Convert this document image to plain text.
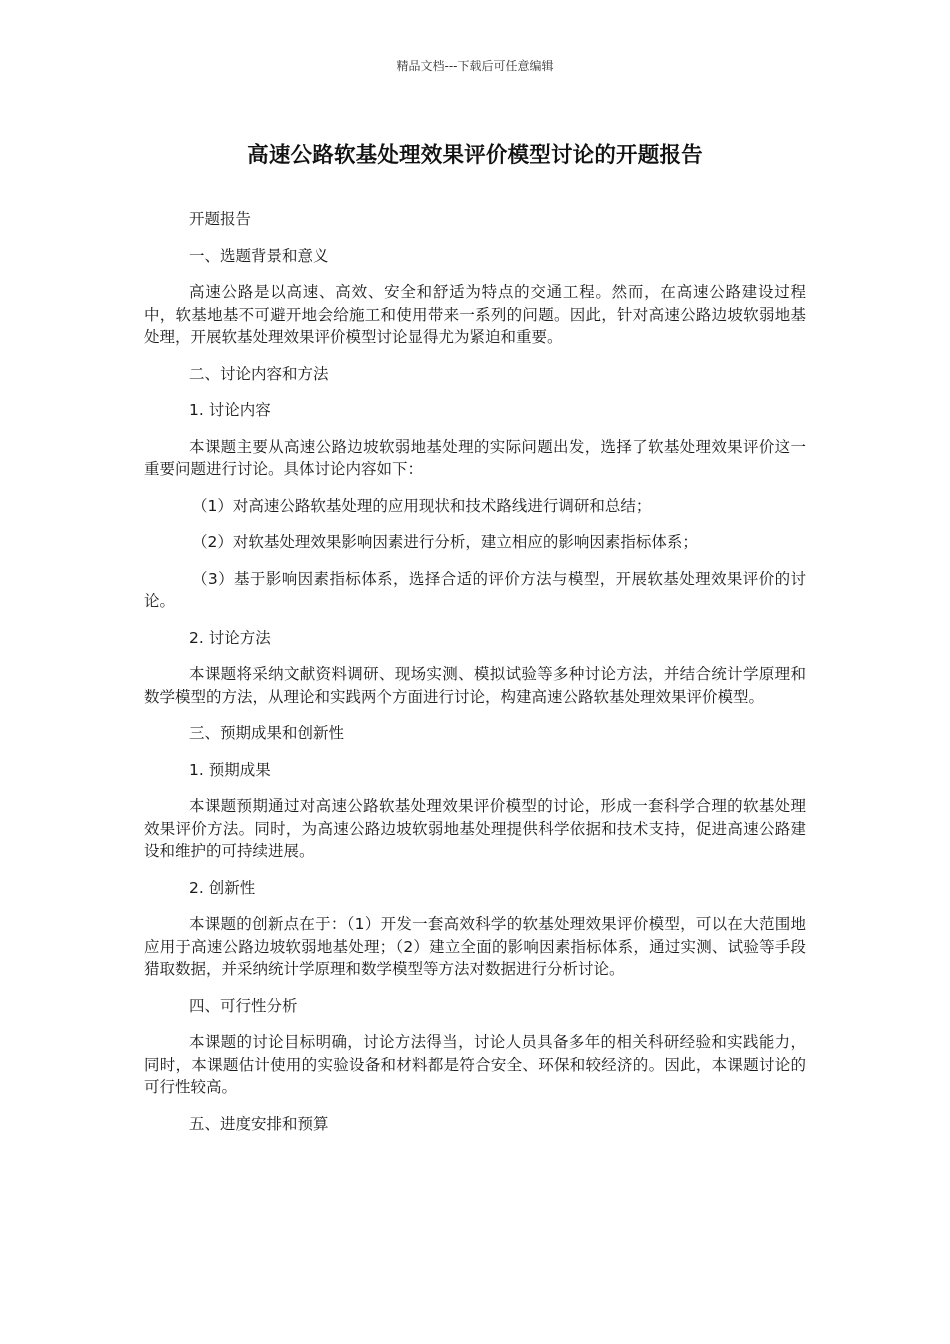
精品文档---下载后可任意编辑
高速公路软基处理效果评价模型讨论的开题报告

开题报告

一、选题背景和意义

高速公路是以高速、高效、安全和舒适为特点的交通工程。然而，在高速公路建设过程中，软基地基不可避开地会给施工和使用带来一系列的问题。因此，针对高速公路边坡软弱地基处理，开展软基处理效果评价模型讨论显得尤为紧迫和重要。

二、讨论内容和方法

1. 讨论内容

本课题主要从高速公路边坡软弱地基处理的实际问题出发，选择了软基处理效果评价这一重要问题进行讨论。具体讨论内容如下：

（1）对高速公路软基处理的应用现状和技术路线进行调研和总结；

（2）对软基处理效果影响因素进行分析，建立相应的影响因素指标体系；

（3）基于影响因素指标体系，选择合适的评价方法与模型，开展软基处理效果评价的讨论。

2. 讨论方法

本课题将采纳文献资料调研、现场实测、模拟试验等多种讨论方法，并结合统计学原理和数学模型的方法，从理论和实践两个方面进行讨论，构建高速公路软基处理效果评价模型。

三、预期成果和创新性

1. 预期成果

本课题预期通过对高速公路软基处理效果评价模型的讨论，形成一套科学合理的软基处理效果评价方法。同时，为高速公路边坡软弱地基处理提供科学依据和技术支持，促进高速公路建设和维护的可持续进展。

2. 创新性

本课题的创新点在于：（1）开发一套高效科学的软基处理效果评价模型，可以在大范围地应用于高速公路边坡软弱地基处理；（2）建立全面的影响因素指标体系，通过实测、试验等手段猎取数据，并采纳统计学原理和数学模型等方法对数据进行分析讨论。

四、可行性分析

本课题的讨论目标明确，讨论方法得当，讨论人员具备多年的相关科研经验和实践能力，同时，本课题估计使用的实验设备和材料都是符合安全、环保和较经济的。因此，本课题讨论的可行性较高。

五、进度安排和预算
